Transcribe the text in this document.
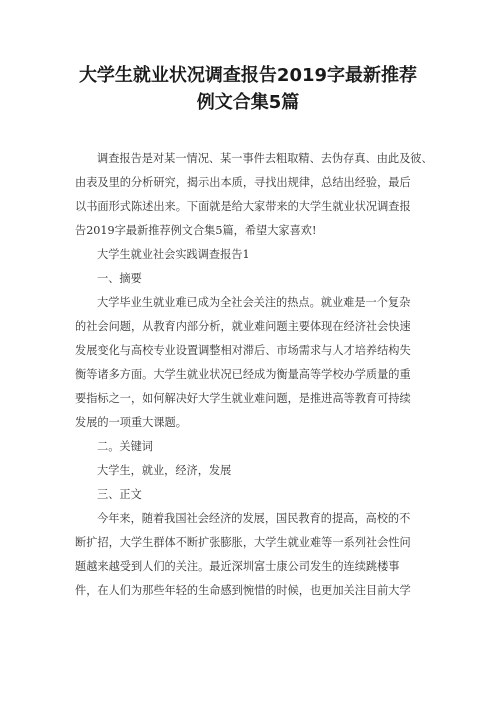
大学生就业状况调查报告2019字最新推荐
例文合集5篇
调查报告是对某一情况、某一事件去粗取精、去伪存真、由此及彼、
由表及里的分析研究，揭示出本质，寻找出规律，总结出经验，最后
以书面形式陈述出来。下面就是给大家带来的大学生就业状况调查报
告2019字最新推荐例文合集5篇，希望大家喜欢!
大学生就业社会实践调查报告1
一、摘要
大学毕业生就业难已成为全社会关注的热点。就业难是一个复杂
的社会问题，从教育内部分析，就业难问题主要体现在经济社会快速
发展变化与高校专业设置调整相对滞后、市场需求与人才培养结构失
衡等诸多方面。大学生就业状况已经成为衡量高等学校办学质量的重
要指标之一，如何解决好大学生就业难问题，是推进高等教育可持续
发展的一项重大课题。
二。关键词
大学生，就业，经济，发展
三、正文
今年来，随着我国社会经济的发展，国民教育的提高，高校的不
断扩招，大学生群体不断扩张膨胀，大学生就业难等一系列社会性问
题越来越受到人们的关注。最近深圳富士康公司发生的连续跳楼事
件，在人们为那些年轻的生命感到惋惜的时候，也更加关注目前大学
